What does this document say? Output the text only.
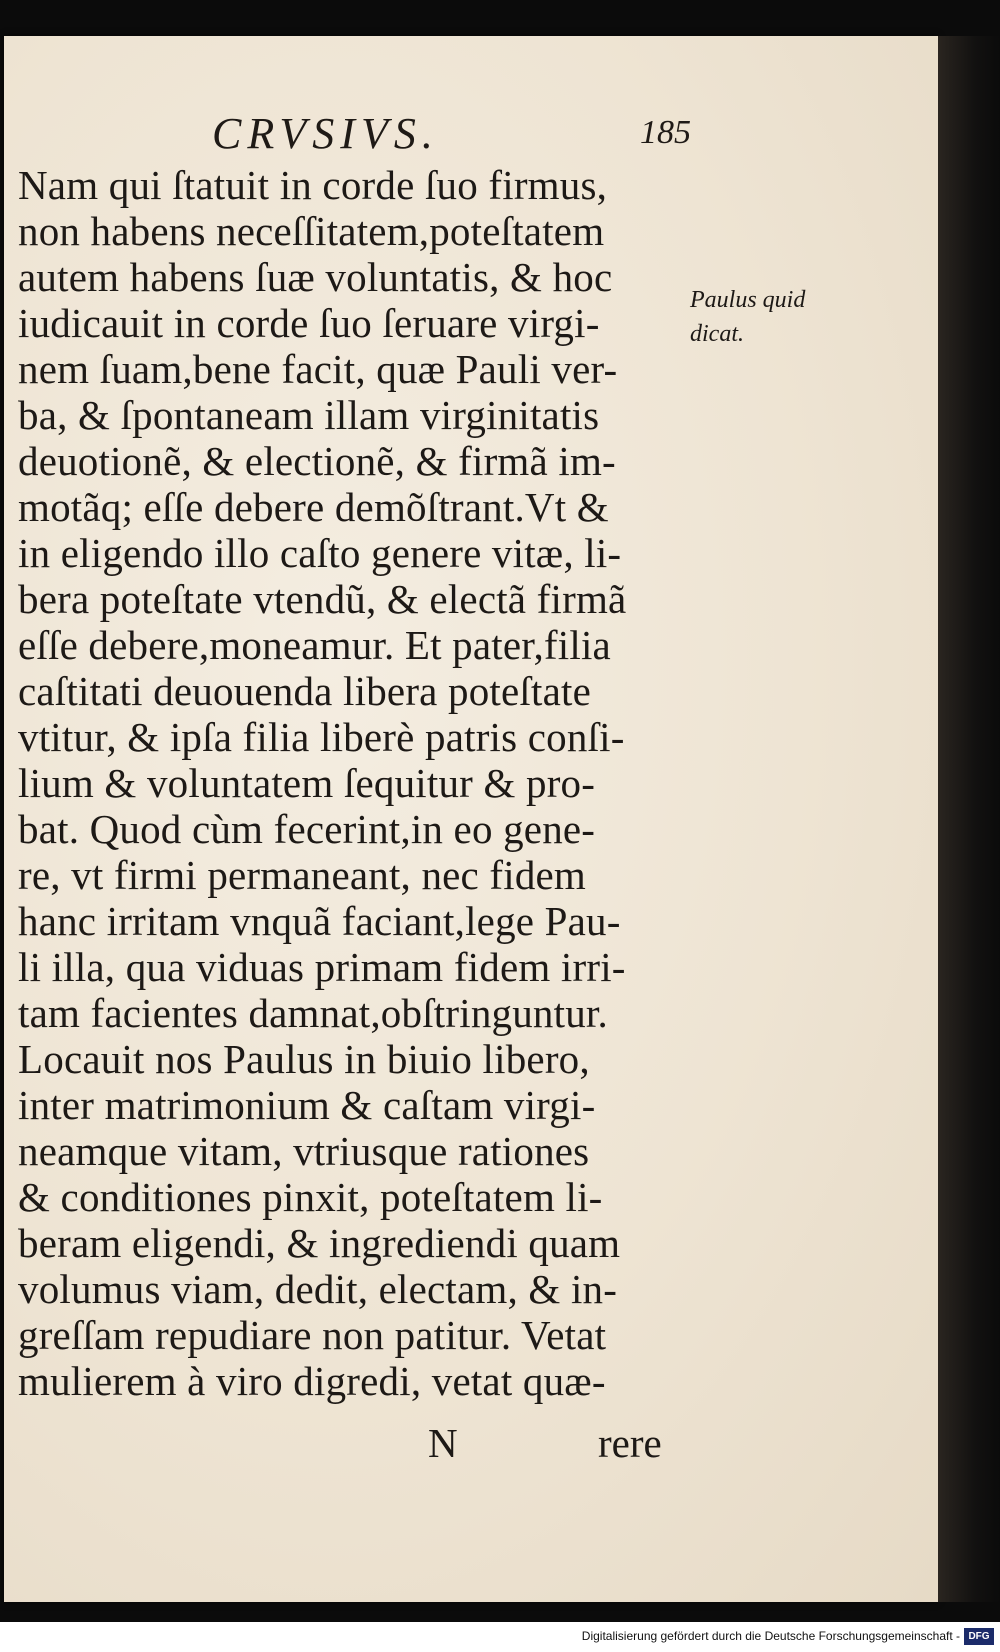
CRVSIVS.	185
Nam qui ſtatuit in corde ſuo firmus,
non habens neceſſitatem,poteſtatem
autem habens ſuæ voluntatis, & hoc
iudicauit in corde ſuo ſeruare virgi-
nem ſuam,bene facit, quæ Pauli ver-
ba, & ſpontaneam illam virginitatis
deuotionẽ, & electionẽ, & firmã im-
motãq; eſſe debere demõſtrant.Vt &
in eligendo illo caſto genere vitæ, li-
bera poteſtate vtendũ, & electã firmã
eſſe debere,moneamur. Et pater,filia
caſtitati deuouenda libera poteſtate
vtitur, & ipſa filia liberè patris conſi-
lium & voluntatem ſequitur & pro-
bat. Quod cùm fecerint,in eo gene-
re, vt firmi permaneant, nec fidem
hanc irritam vnquã faciant,lege Pau-
li illa, qua viduas primam fidem irri-
tam facientes damnat,obſtringuntur.
Locauit nos Paulus in biuio libero,
inter matrimonium & caſtam virgi-
neamque vitam, vtriusque rationes
& conditiones pinxit, poteſtatem li-
beram eligendi, & ingrediendi quam
volumus viam, dedit, electam, & in-
greſſam repudiare non patitur. Vetat
mulierem à viro digredi, vetat quæ-
Paulus quid
dicat.
N	rere
Digitalisierung gefördert durch die Deutsche Forschungsgemeinschaft - DFG
